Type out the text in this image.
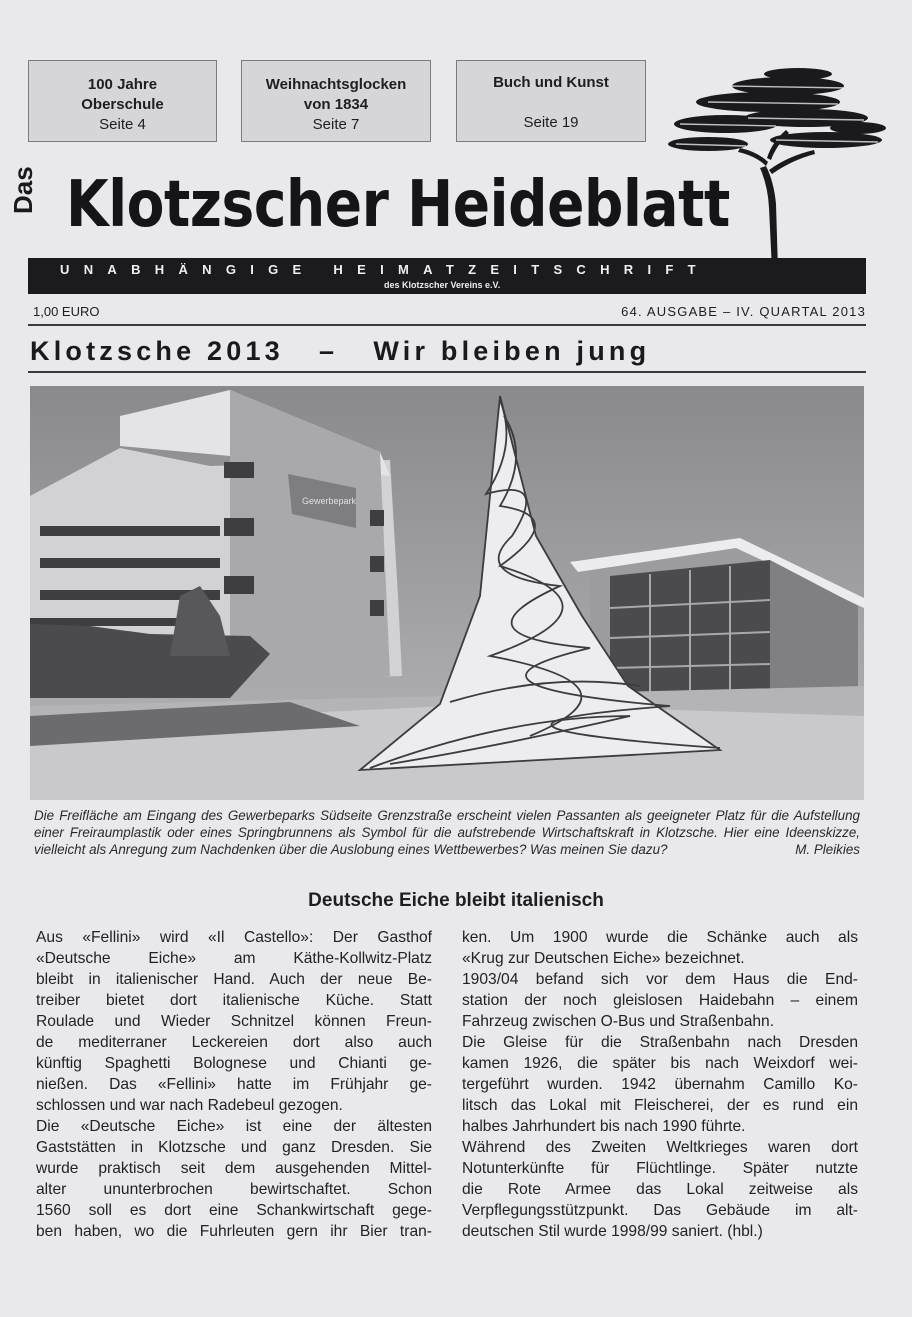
100 Jahre
Oberschule
Seite 4
Weihnachtsglocken
von 1834
Seite 7
Buch und Kunst
Seite 19
Das Klotzscher Heideblatt
UNABHÄNGIGE HEIMATZEITSCHRIFT
des Klotzscher Vereins e.V.
1,00 EURO	64. AUSGABE – IV. QUARTAL 2013
Klotzsche 2013   –   Wir bleiben jung
Gewerbepark
Die Freifläche am Eingang des Gewerbeparks Südseite Grenzstraße erscheint vielen Passanten als geeigneter Platz für die Aufstellung einer Freiraumplastik oder eines Springbrunnens als Symbol für die aufstrebende Wirtschaftskraft in Klotzsche. Hier eine Ideenskizze, vielleicht als Anregung zum Nachdenken über die Auslobung eines Wettbewerbes? Was meinen Sie dazu?	M. Pleikies
Deutsche Eiche bleibt italienisch
Aus «Fellini» wird «Il Castello»: Der Gasthof
«Deutsche Eiche» am Käthe-Kollwitz-Platz
bleibt in italienischer Hand. Auch der neue Be-
treiber bietet dort italienische Küche. Statt
Roulade und Wieder Schnitzel können Freun-
de mediterraner Leckereien dort also auch
künftig Spaghetti Bolognese und Chianti ge-
nießen. Das «Fellini» hatte im Frühjahr ge-
schlossen und war nach Radebeul gezogen.
Die «Deutsche Eiche» ist eine der ältesten
Gaststätten in Klotzsche und ganz Dresden. Sie
wurde praktisch seit dem ausgehenden Mittel-
alter ununterbrochen bewirtschaftet. Schon
1560 soll es dort eine Schankwirtschaft gege-
ben haben, wo die Fuhrleuten gern ihr Bier tran-
ken. Um 1900 wurde die Schänke auch als
«Krug zur Deutschen Eiche» bezeichnet.
1903/04 befand sich vor dem Haus die End-
station der noch gleislosen Haidebahn – einem
Fahrzeug zwischen O-Bus und Straßenbahn.
Die Gleise für die Straßenbahn nach Dresden
kamen 1926, die später bis nach Weixdorf wei-
tergeführt wurden. 1942 übernahm Camillo Ko-
litsch das Lokal mit Fleischerei, der es rund ein
halbes Jahrhundert bis nach 1990 führte.
Während des Zweiten Weltkrieges waren dort
Notunterkünfte für Flüchtlinge. Später nutzte
die Rote Armee das Lokal zeitweise als
Verpflegungsstützpunkt. Das Gebäude im alt-
deutschen Stil wurde 1998/99 saniert. (hbl.)
